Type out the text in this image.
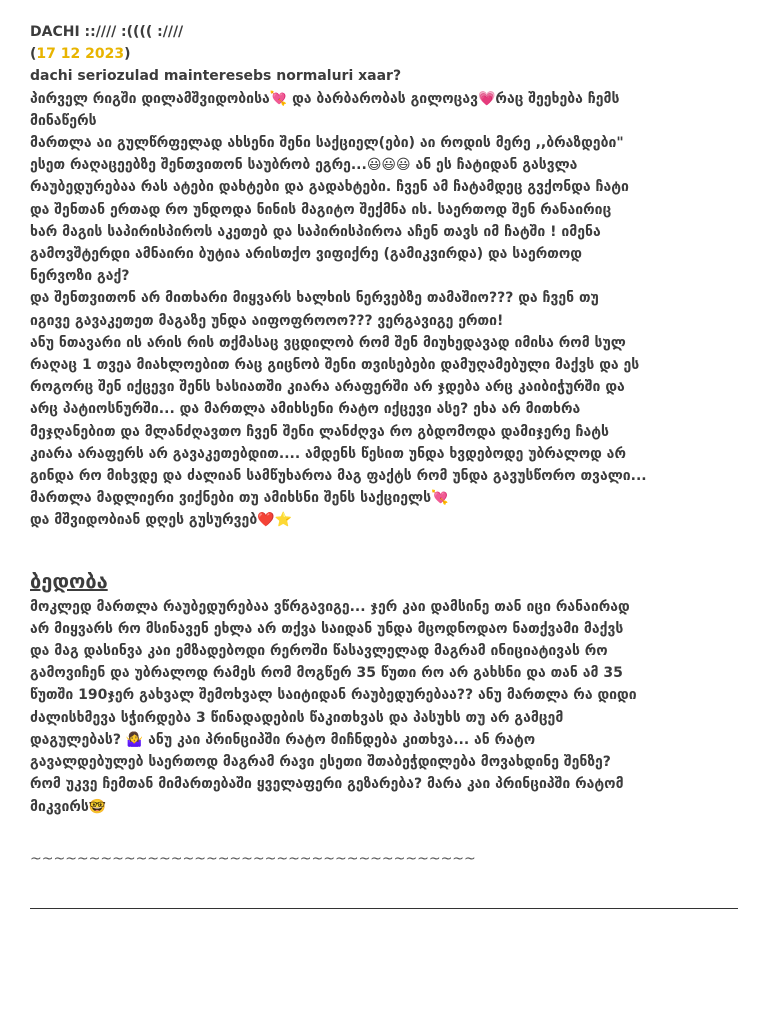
DACHI :://// :(((( :////
(17 12 2023)
dachi seriozulad mainteresebs normaluri xaar?
პირველ რიგში დილამშვიდობისა💘 და ბარბარობას გილოცავ💗რაც შეეხება ჩემს
მინაწერს
მართლა აი გულწრფელად ახსენი შენი საქციელ(ები) აი როდის მერე ,,ბრაზდები"
ესეთ რაღაცეებზე შენთვითონ საუბრობ ეგრე...😃😃😃 ან ეს ჩატიდან გასვლა
რაუბედურებაა რას ატები დახტები და გადახტები. ჩვენ ამ ჩატამდეც გვქონდა ჩატი
და შენთან ერთად რო უნდოდა ნინის მაგიტო შექმნა ის. საერთოდ შენ რანაირიც
ხარ მაგის საპირისპიროს აკეთებ და საპირისპიროა აჩენ თავს იმ ჩატში ! იმენა
გამოვშტერდი ამნაირი ბუტია არისთქო ვიფიქრე (გამიკვირდა) და საერთოდ
ნერვოზი გაქ?
და შენთვითონ არ მითხარი მიყვარს ხალხის ნერვებზე თამაშიო??? და ჩვენ თუ
იგივე გავაკეთეთ მაგაზე უნდა აიფოფროოო??? ვერგავიგე ერთი!
ანუ ნთავარი ის არის რის თქმასაც ვცდილობ რომ შენ მიუხედავად იმისა რომ სულ
რაღაც 1 თვეა მიახლოებით რაც გიცნობ შენი თვისებები დამუღამებული მაქვს და ეს
როგორც შენ იქცევი შენს ხასიათში კიარა არაფერში არ ჯდება არც კაიბიჭურში და
არც პატიოსნურში... და მართლა ამიხსენი რატო იქცევი ასე? ეხა არ მითხრა
მეჯღანებით და მლანძღავთო ჩვენ შენი ლანძღვა რო გბდომოდა დამიჯერე ჩატს
კიარა არაფერს არ გავაკეთებდით.... ამდენს წესით უნდა ხვდებოდე უბრალოდ არ
გინდა რო მიხვდე და ძალიან სამწუხაროა მაგ ფაქტს რომ უნდა გავუსწორო თვალი...
მართლა მადლიერი ვიქნები თუ ამიხსნი შენს საქციელს💘
და მშვიდობიან დღეს გუსურვებ❤️⭐
ბედობა
მოკლედ მართლა რაუბედურებაა ვწრგავიგე... ჯერ კაი დამსინე თან იცი რანაირად
არ მიყვარს რო მსინავენ ეხლა არ თქვა საიდან უნდა მცოდნოდაო ნათქვამი მაქვს
და მაგ დასინვა კაი ემზადებოდი რეროში წასავლელად მაგრამ ინიციატივას რო
გამოვიჩენ და უბრალოდ რამეს რომ მოგწერ 35 წუთი რო არ გახსნი და თან ამ 35
წუთში 190ჯერ გახვალ შემოხვალ საიტიდან რაუბედურებაა?? ანუ მართლა რა დიდი
ძალისხმევა სჭირდება 3 წინადადების წაკითხვას და პასუხს თუ არ გამცემ
დაგულებას? 🤷‍♀️ ანუ კაი პრინციპში რატო მიჩნდება კითხვა... ან რატო
გავალდებულებ საერთოდ მაგრამ რავი ესეთი შთაბეჭდილება მოვახდინე შენზე?
რომ უკვე ჩემთან მიმართებაში ყველაფერი გეზარება? მარა კაი პრინციპში რატომ
მიკვირს🤓
~~~~~~~~~~~~~~~~~~~~~~~~~~~~~~~~~~~~~~
